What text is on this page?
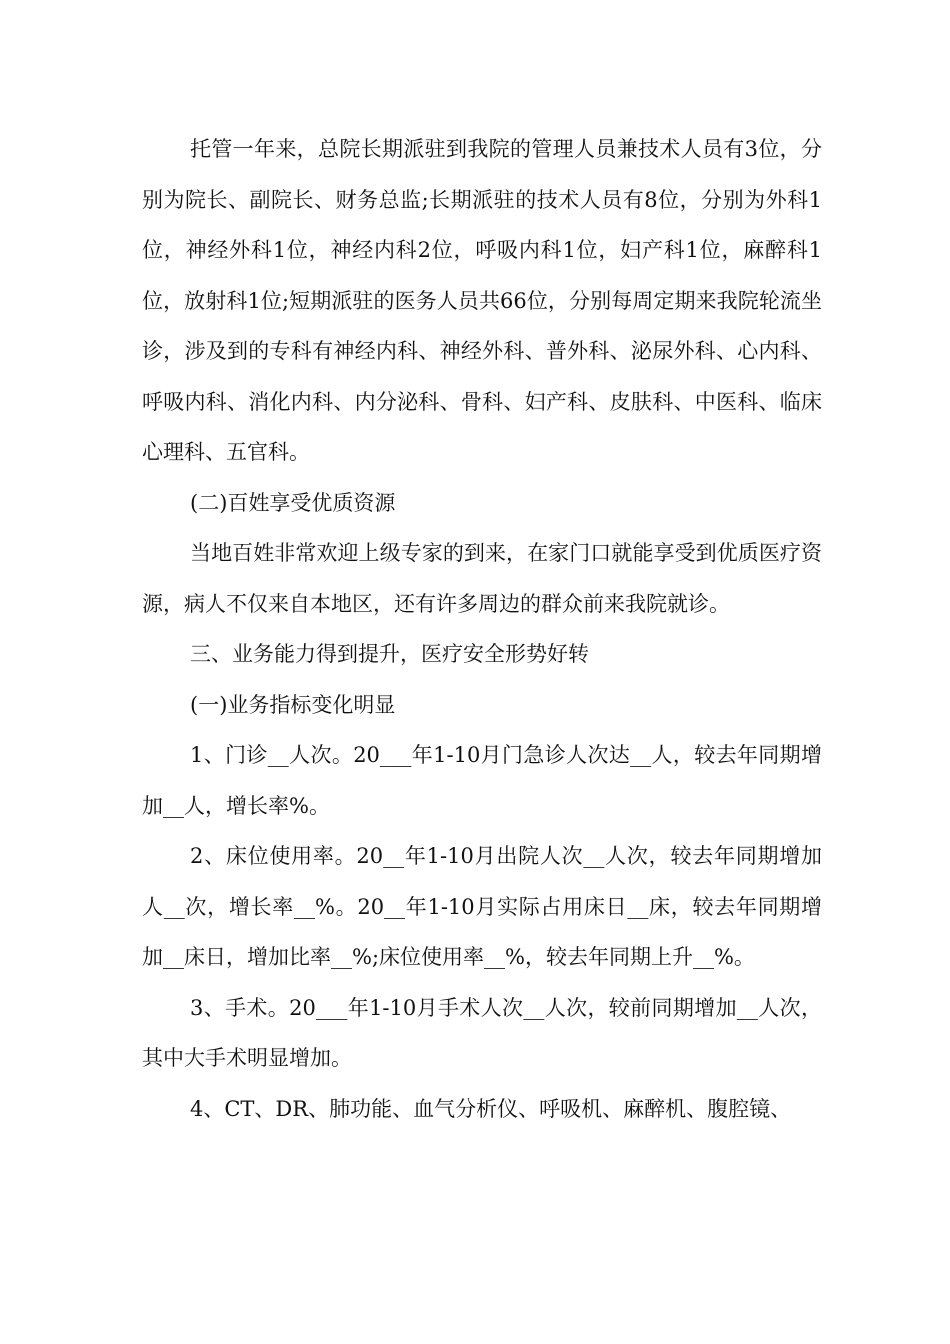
托管一年来，总院长期派驻到我院的管理人员兼技术人员有3位，分别为院长、副院长、财务总监;长期派驻的技术人员有8位，分别为外科1位，神经外科1位，神经内科2位，呼吸内科1位，妇产科1位，麻醉科1位，放射科1位;短期派驻的医务人员共66位，分别每周定期来我院轮流坐诊，涉及到的专科有神经内科、神经外科、普外科、泌尿外科、心内科、呼吸内科、消化内科、内分泌科、骨科、妇产科、皮肤科、中医科、临床心理科、五官科。

(二)百姓享受优质资源

当地百姓非常欢迎上级专家的到来，在家门口就能享受到优质医疗资源，病人不仅来自本地区，还有许多周边的群众前来我院就诊。

三、业务能力得到提升，医疗安全形势好转

(一)业务指标变化明显

1、门诊__人次。20___年1-10月门急诊人次达__人，较去年同期增加__人，增长率%。

2、床位使用率。20__年1-10月出院人次__人次，较去年同期增加人__次，增长率__%。20__年1-10月实际占用床日__床，较去年同期增加__床日，增加比率__%;床位使用率__%，较去年同期上升__%。

3、手术。20___年1-10月手术人次__人次，较前同期增加__人次，其中大手术明显增加。

4、CT、DR、肺功能、血气分析仪、呼吸机、麻醉机、腹腔镜、
